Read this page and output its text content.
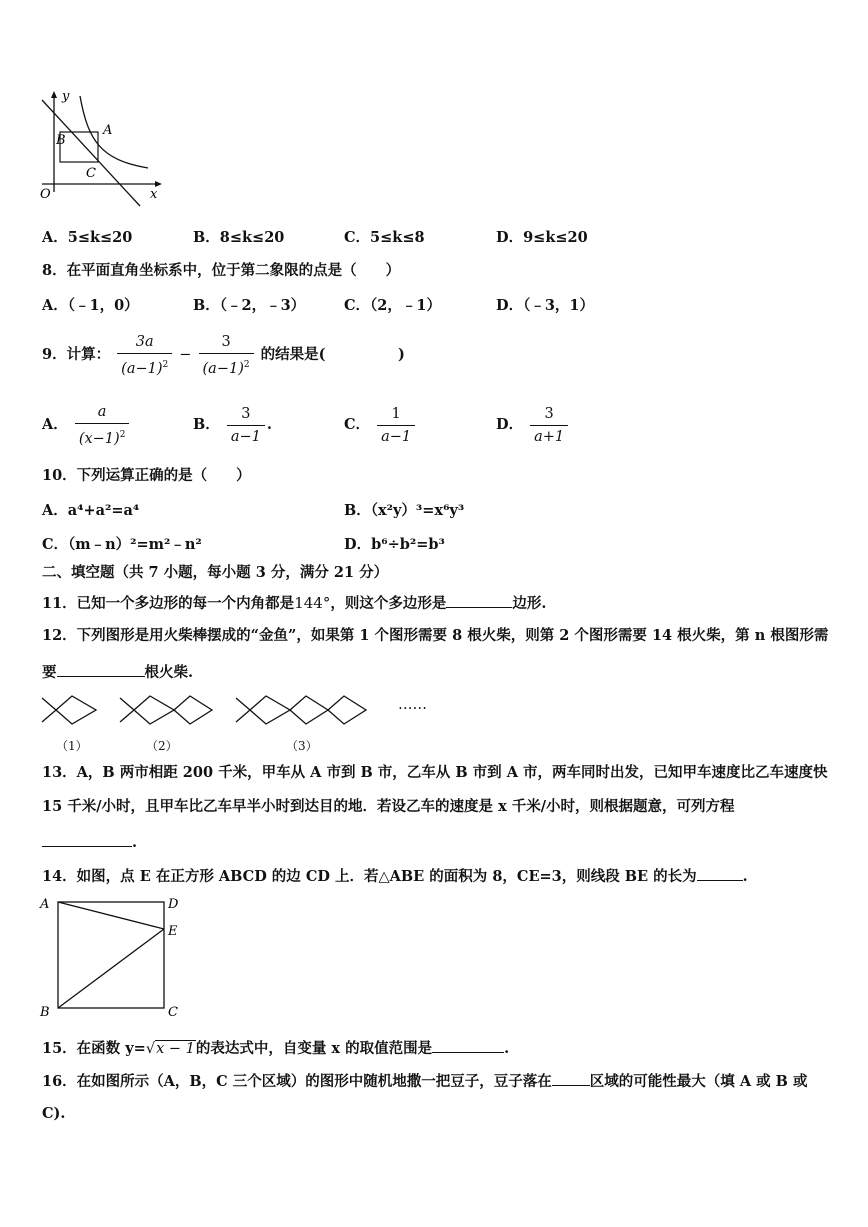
y
x
O
A
B
C
A．5≤k≤20	B．8≤k≤20	C．5≤k≤8	D．9≤k≤20
8．在平面直角坐标系中，位于第二象限的点是（　　）
A．（﹣1，0）	B．（﹣2，﹣3）	C．（2，﹣1）	D．（﹣3，1）
9．计算： $\frac{3a}{(a-1)^2} - \frac{3}{(a-1)^2}$ 的结果是(　　　　　)
A． $\frac{a}{(x-1)^2}$	B． $\frac{3}{a-1}$ .	C． $\frac{1}{a-1}$	D． $\frac{3}{a+1}$
10．下列运算正确的是（　　）
A．a⁴+a²=a⁴	B．（x²y）³=x⁶y³
C．（m﹣n）²=m²﹣n²	D．b⁶÷b²=b³
二、填空题（共 7 小题，每小题 3 分，满分 21 分）
11．已知一个多边形的每一个内角都是144°，则这个多边形是	边形.
12．下列图形是用火柴棒摆成的“金鱼”，如果第 1 个图形需要 8 根火柴，则第 2 个图形需要 14 根火柴，第 n 根图形需
要	根火柴.
……
（1）	（2）	（3）
13．A，B 两市相距 200 千米，甲车从 A 市到 B 市，乙车从 B 市到 A 市，两车同时出发，已知甲车速度比乙车速度快
15 千米/小时，且甲车比乙车早半小时到达目的地．若设乙车的速度是 x 千米/小时，则根据题意，可列方程
.
14．如图，点 E 在正方形 ABCD 的边 CD 上．若△ABE 的面积为 8，CE=3，则线段 BE 的长为	.
A
B	C
D
E
15．在函数 y=√x − 1的表达式中，自变量 x 的取值范围是	.
16．在如图所示（A，B，C 三个区域）的图形中随机地撒一把豆子，豆子落在	区域的可能性最大（填 A 或 B 或
C).
